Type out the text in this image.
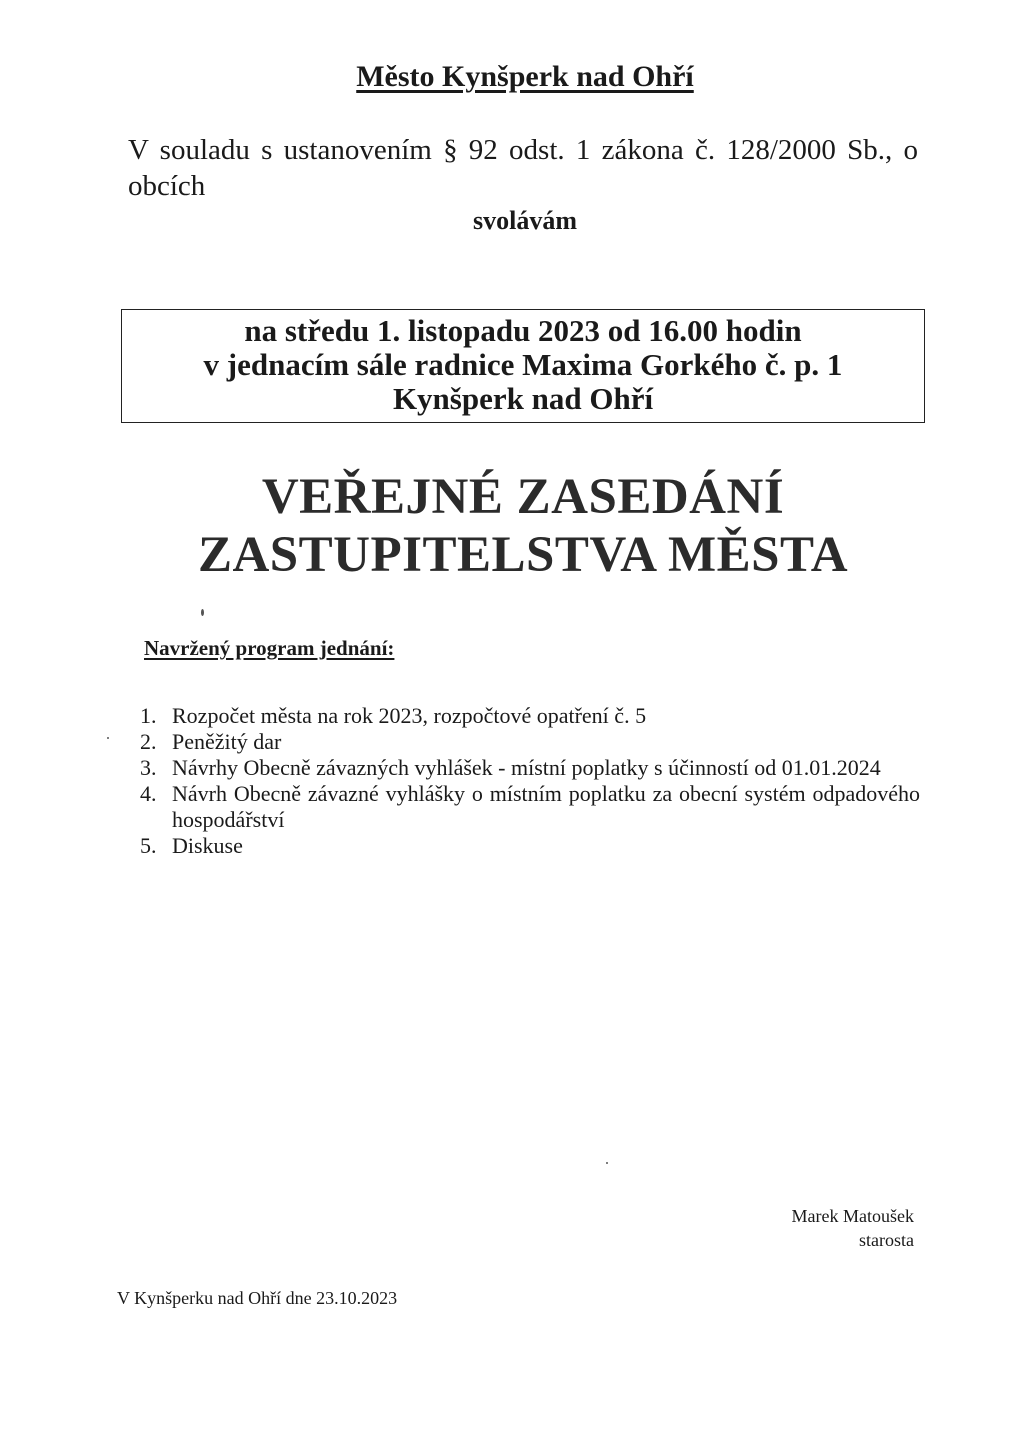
Město Kynšperk nad Ohří
V souladu s ustanovením § 92 odst. 1 zákona č. 128/2000 Sb., o obcích
svolávám
na středu 1. listopadu 2023 od 16.00 hodin
v jednacím sále radnice Maxima Gorkého č. p. 1
Kynšperk nad Ohří
VEŘEJNÉ ZASEDÁNÍ
ZASTUPITELSTVA MĚSTA
Navržený program jednání:
1. Rozpočet města na rok 2023, rozpočtové opatření č. 5
2. Peněžitý dar
3. Návrhy Obecně závazných vyhlášek - místní poplatky s účinností od 01.01.2024
4. Návrh Obecně závazné vyhlášky o místním poplatku za obecní systém odpadového hospodářství
5. Diskuse
Marek Matoušek
starosta
V Kynšperku nad Ohří dne 23.10.2023
